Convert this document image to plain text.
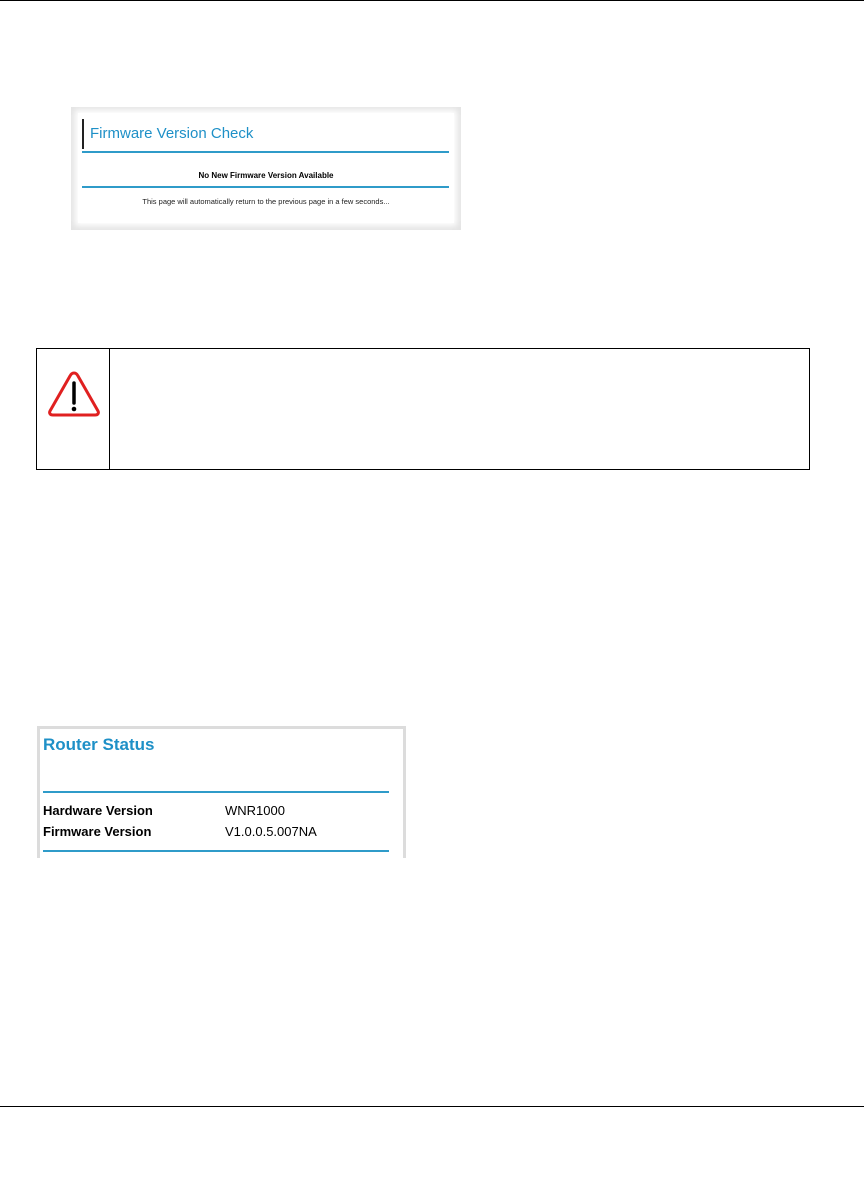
Firmware Version Check
No New Firmware Version Available
This page will automatically return to the previous page in a few seconds...
Router Status
Hardware Version	WNR1000
Firmware Version	V1.0.0.5.007NA
